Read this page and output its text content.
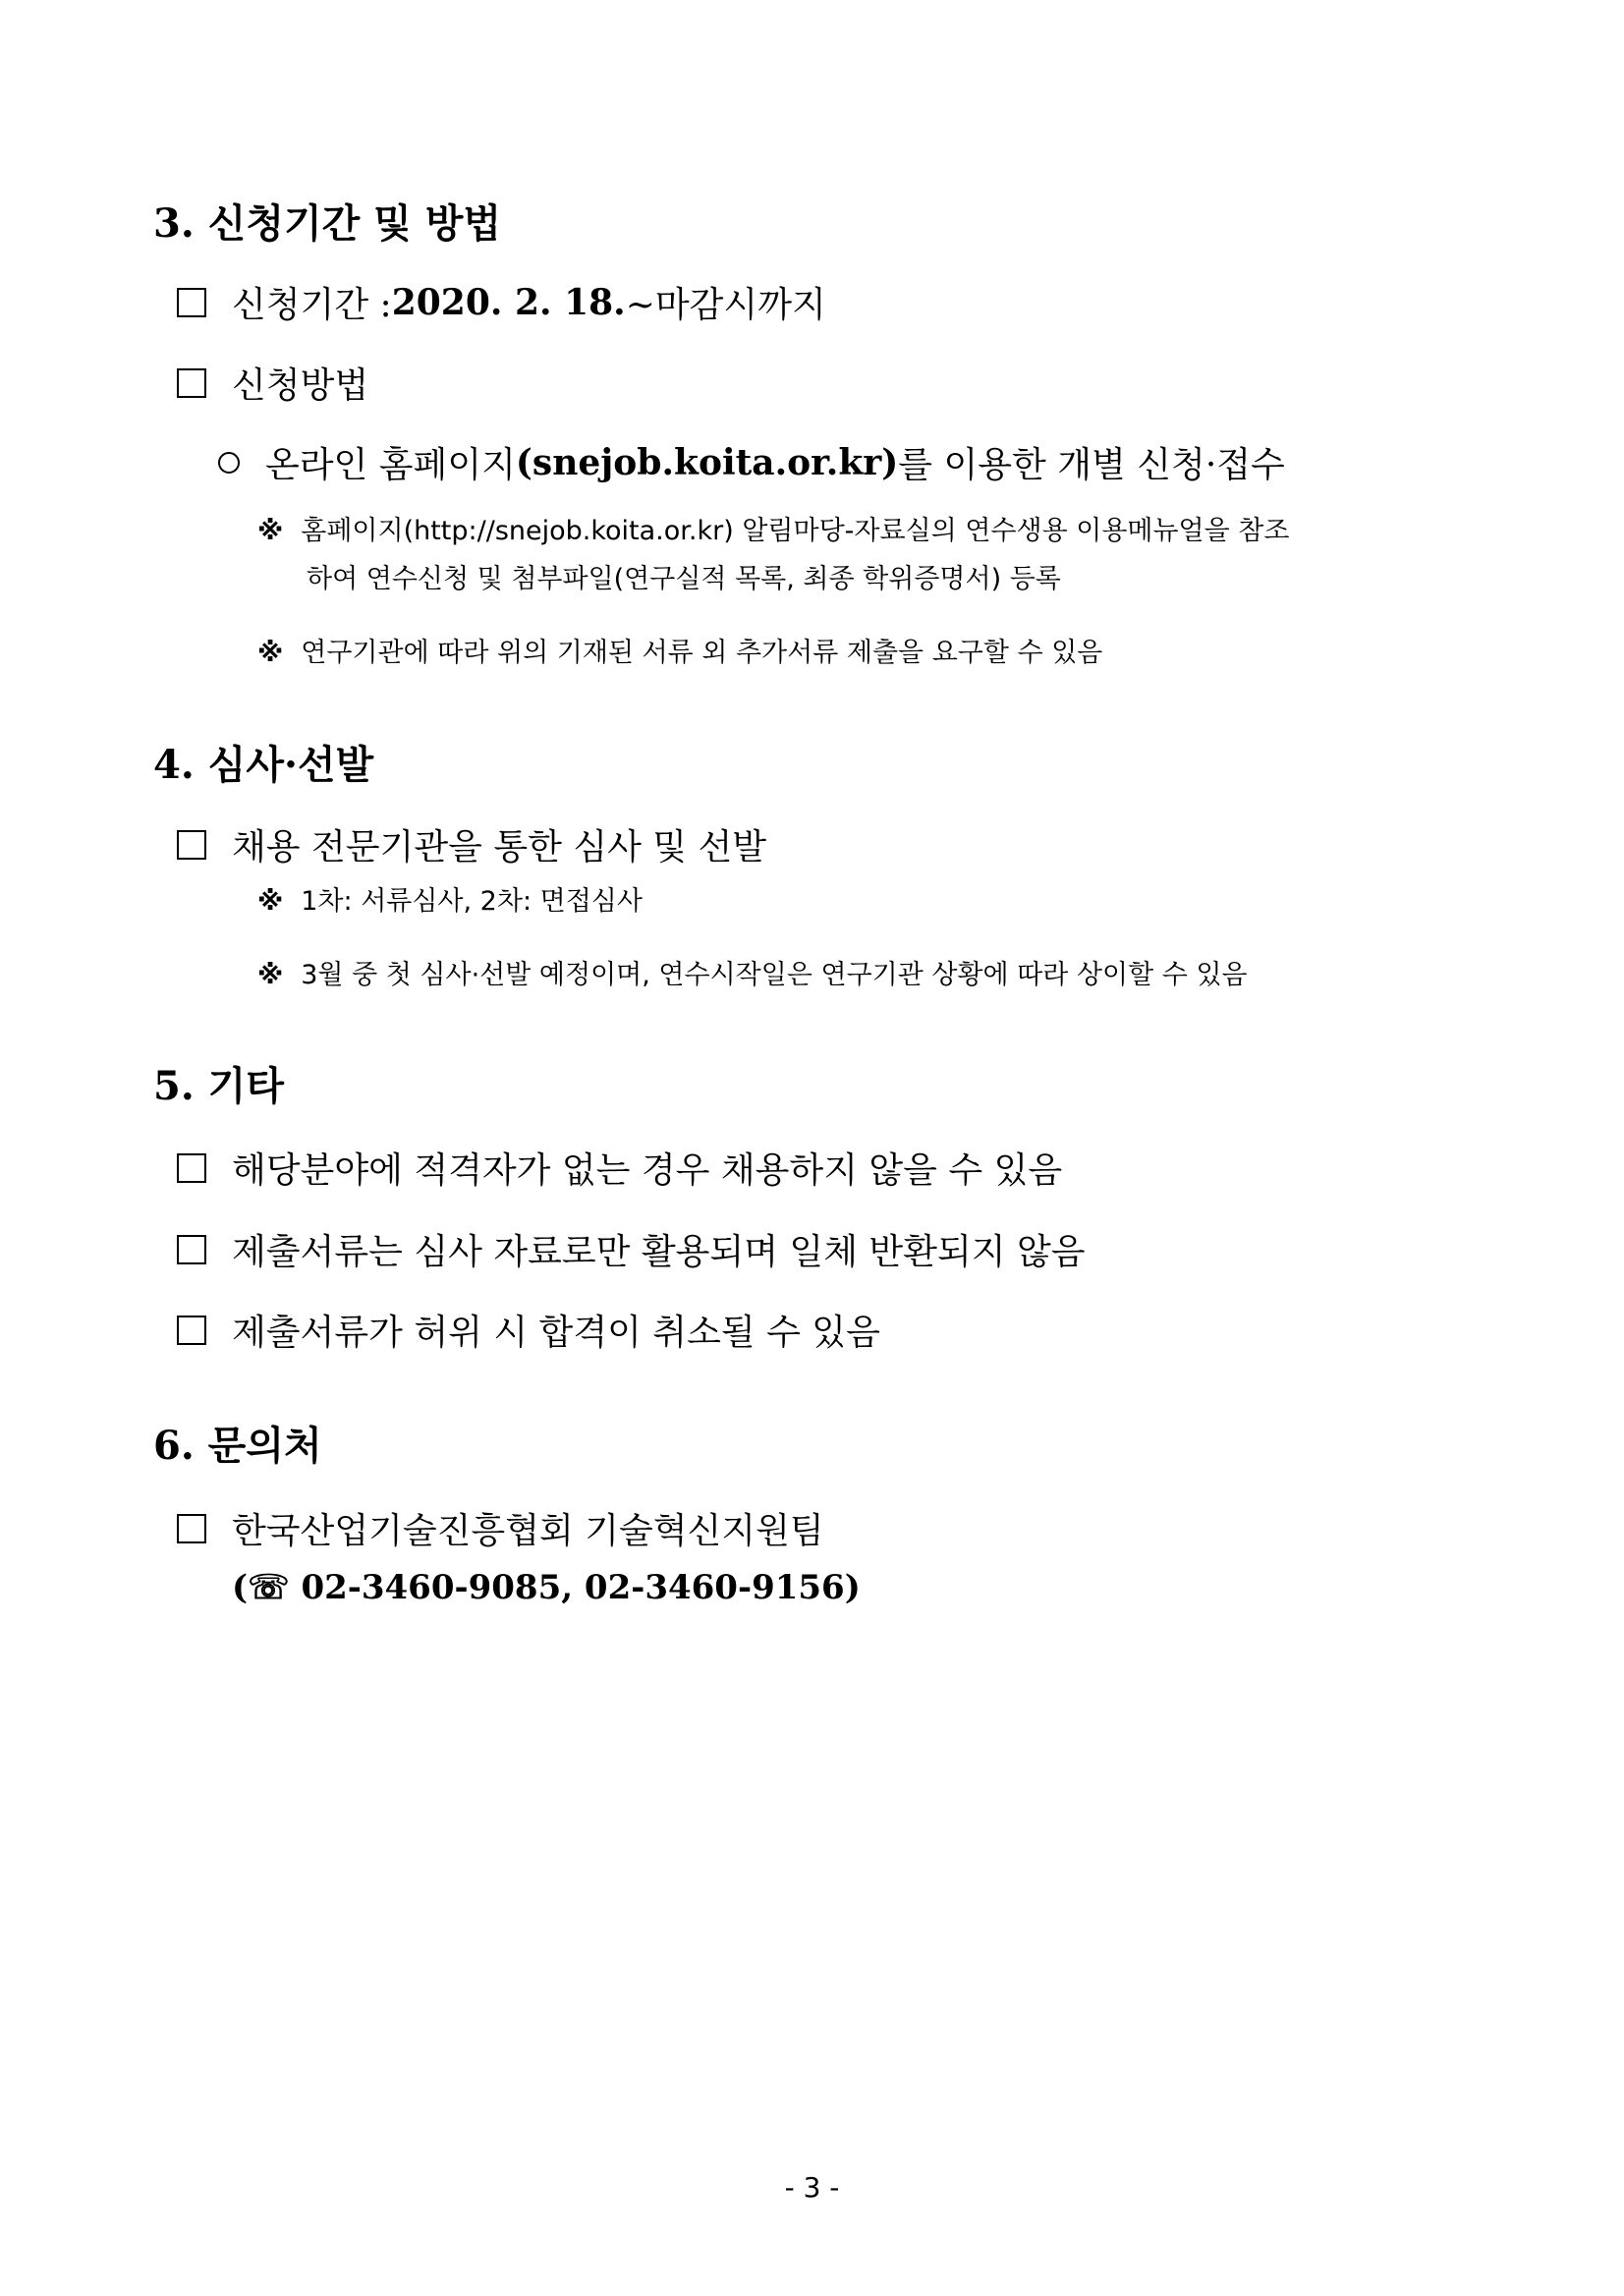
3. 신청기간 및 방법
신청기간 : 2020. 2. 18. ∼마감시까지
신청방법
온라인 홈페이지 (snejob.koita.or.kr) 를 이용한 개별 신청·접수
※ 홈페이지(http://snejob.koita.or.kr) 알림마당-자료실의 연수생용 이용메뉴얼을 참조
하여 연수신청 및 첨부파일(연구실적 목록, 최종 학위증명서) 등록
※ 연구기관에 따라 위의 기재된 서류 외 추가서류 제출을 요구할 수 있음
4. 심사·선발
채용 전문기관을 통한 심사 및 선발
※ 1차: 서류심사, 2차: 면접심사
※ 3월 중 첫 심사·선발 예정이며, 연수시작일은 연구기관 상황에 따라 상이할 수 있음
5. 기타
해당분야에 적격자가 없는 경우 채용하지 않을 수 있음
제출서류는 심사 자료로만 활용되며 일체 반환되지 않음
제출서류가 허위 시 합격이 취소될 수 있음
6. 문의처
한국산업기술진흥협회 기술혁신지원팀
(☏ 02-3460-9085, 02-3460-9156)
- 3 -
